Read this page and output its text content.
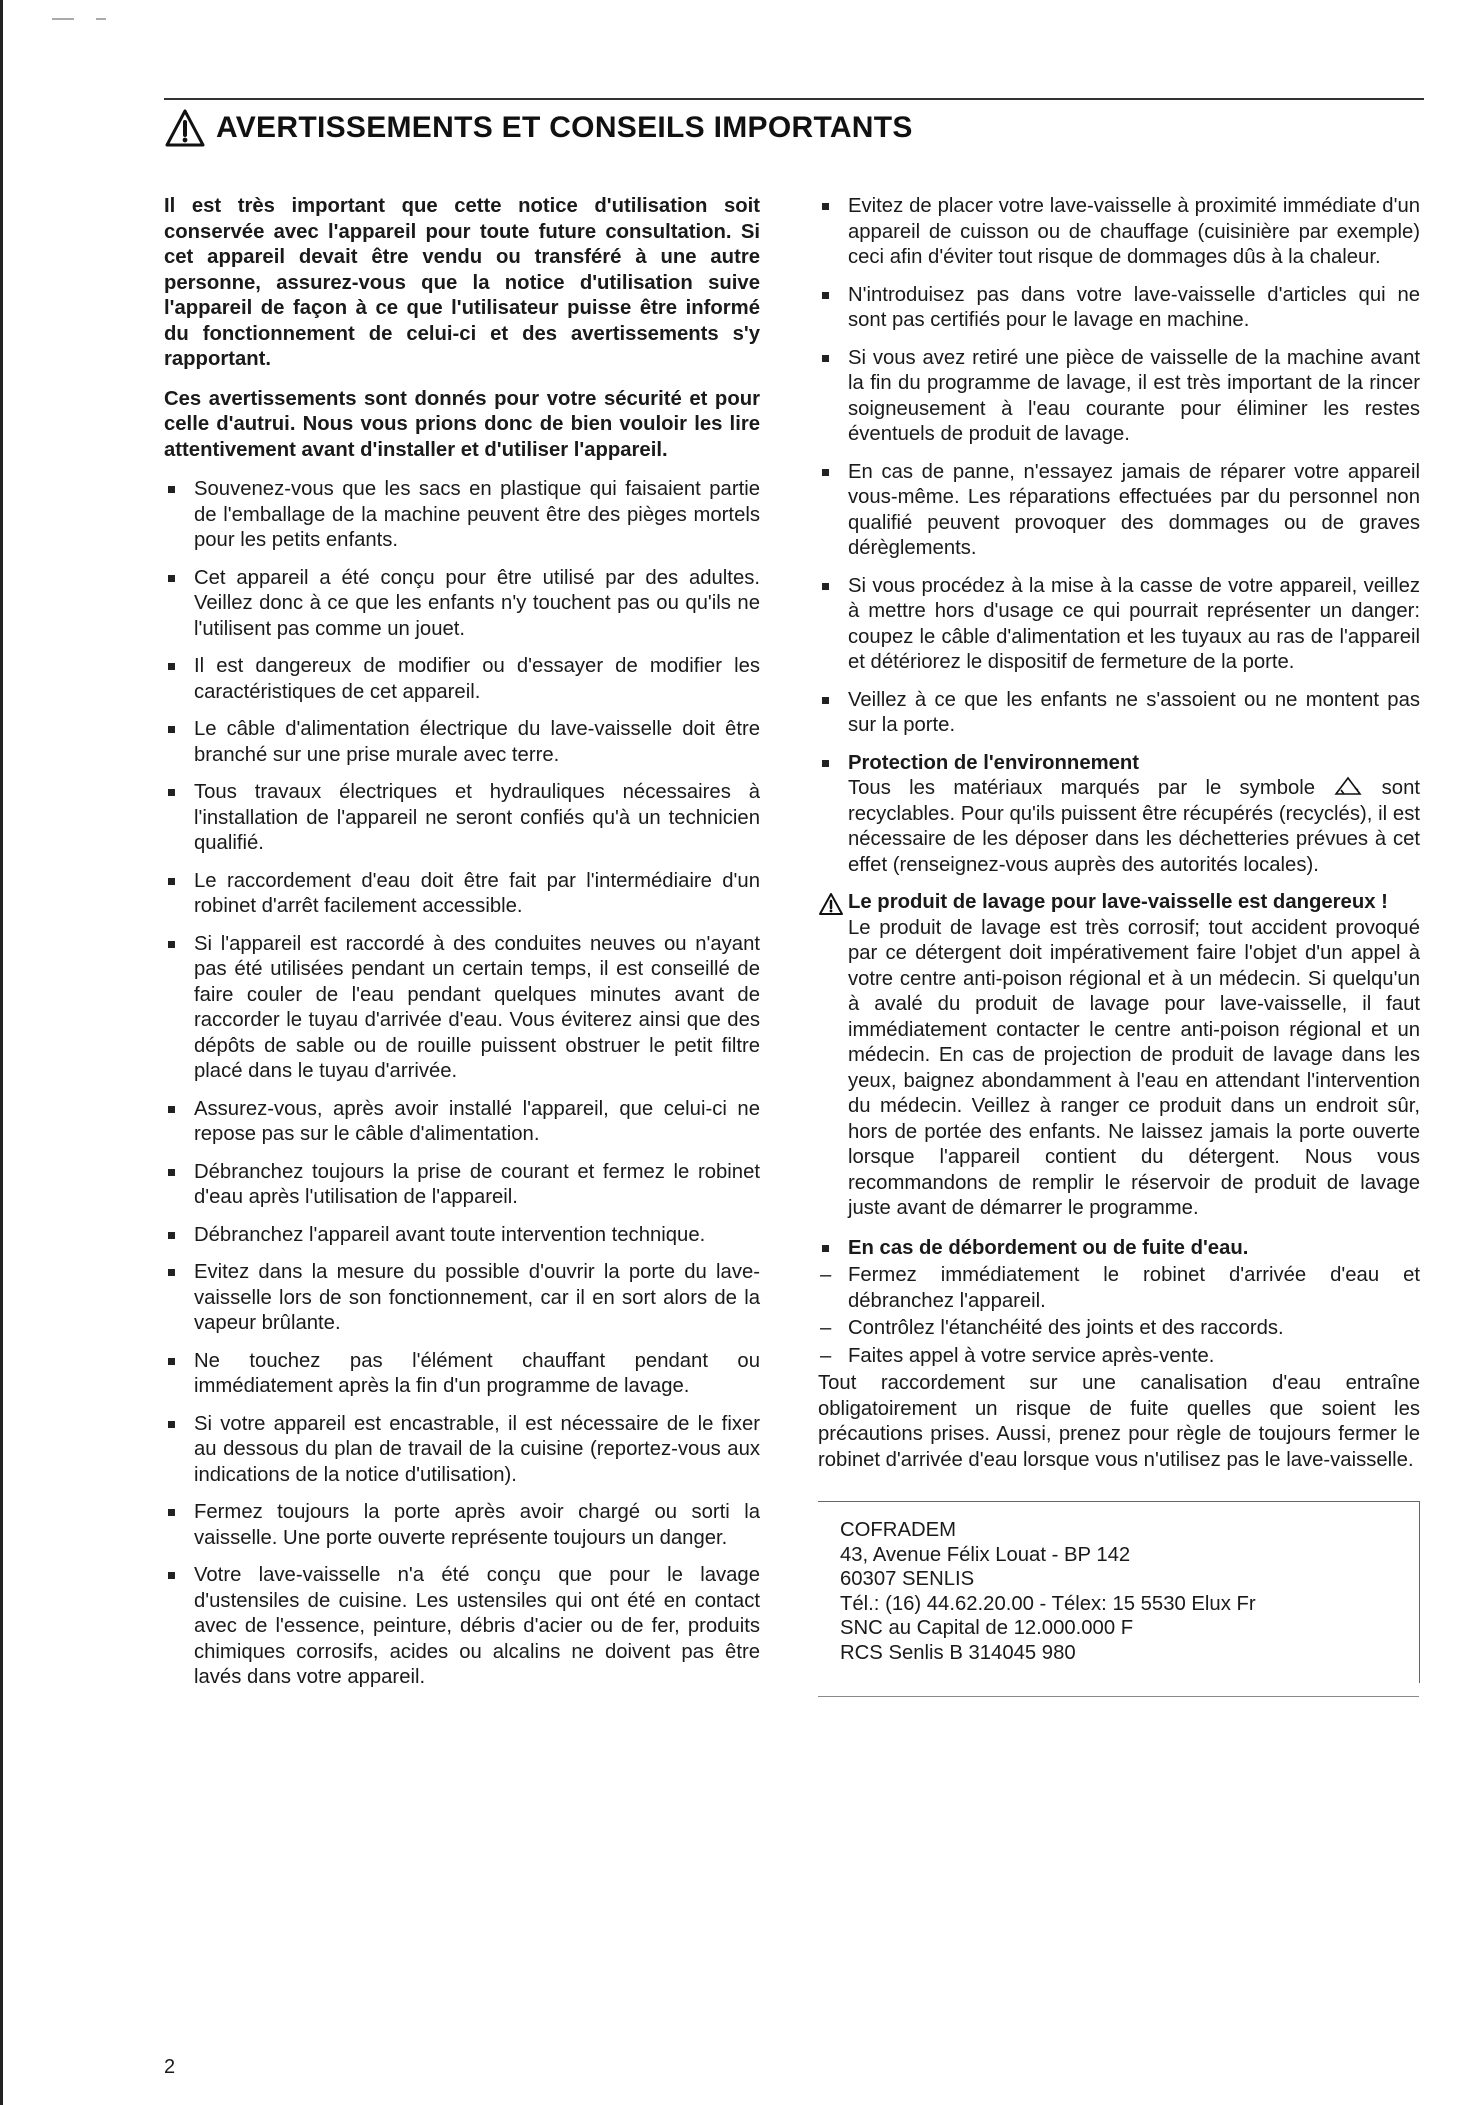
AVERTISSEMENTS ET CONSEILS IMPORTANTS

Il est très important que cette notice d'utilisation soit conservée avec l'appareil pour toute future consultation. Si cet appareil devait être vendu ou transféré à une autre personne, assurez-vous que la notice d'utilisation suive l'appareil de façon à ce que l'utilisateur puisse être informé du fonctionnement de celui-ci et des avertissements s'y rapportant.

Ces avertissements sont donnés pour votre sécurité et pour celle d'autrui. Nous vous prions donc de bien vouloir les lire attentivement avant d'installer et d'utiliser l'appareil.

Souvenez-vous que les sacs en plastique qui faisaient partie de l'emballage de la machine peuvent être des pièges mortels pour les petits enfants.
Cet appareil a été conçu pour être utilisé par des adultes. Veillez donc à ce que les enfants n'y touchent pas ou qu'ils ne l'utilisent pas comme un jouet.
Il est dangereux de modifier ou d'essayer de modifier les caractéristiques de cet appareil.
Le câble d'alimentation électrique du lave-vaisselle doit être branché sur une prise murale avec terre.
Tous travaux électriques et hydrauliques nécessaires à l'installation de l'appareil ne seront confiés qu'à un technicien qualifié.
Le raccordement d'eau doit être fait par l'intermédiaire d'un robinet d'arrêt facilement accessible.
Si l'appareil est raccordé à des conduites neuves ou n'ayant pas été utilisées pendant un certain temps, il est conseillé de faire couler de l'eau pendant quelques minutes avant de raccorder le tuyau d'arrivée d'eau. Vous éviterez ainsi que des dépôts de sable ou de rouille puissent obstruer le petit filtre placé dans le tuyau d'arrivée.
Assurez-vous, après avoir installé l'appareil, que celui-ci ne repose pas sur le câble d'alimentation.
Débranchez toujours la prise de courant et fermez le robinet d'eau après l'utilisation de l'appareil.
Débranchez l'appareil avant toute intervention technique.
Evitez dans la mesure du possible d'ouvrir la porte du lave-vaisselle lors de son fonctionnement, car il en sort alors de la vapeur brûlante.
Ne touchez pas l'élément chauffant pendant ou immédiatement après la fin d'un programme de lavage.
Si votre appareil est encastrable, il est nécessaire de le fixer au dessous du plan de travail de la cuisine (reportez-vous aux indications de la notice d'utilisation).
Fermez toujours la porte après avoir chargé ou sorti la vaisselle. Une porte ouverte représente toujours un danger.
Votre lave-vaisselle n'a été conçu que pour le lavage d'ustensiles de cuisine. Les ustensiles qui ont été en contact avec de l'essence, peinture, débris d'acier ou de fer, produits chimiques corrosifs, acides ou alcalins ne doivent pas être lavés dans votre appareil.
Evitez de placer votre lave-vaisselle à proximité immédiate d'un appareil de cuisson ou de chauffage (cuisinière par exemple) ceci afin d'éviter tout risque de dommages dûs à la chaleur.
N'introduisez pas dans votre lave-vaisselle d'articles qui ne sont pas certifiés pour le lavage en machine.
Si vous avez retiré une pièce de vaisselle de la machine avant la fin du programme de lavage, il est très important de la rincer soigneusement à l'eau courante pour éliminer les restes éventuels de produit de lavage.
En cas de panne, n'essayez jamais de réparer votre appareil vous-même. Les réparations effectuées par du personnel non qualifié peuvent provoquer des dommages ou de graves dérèglements.
Si vous procédez à la mise à la casse de votre appareil, veillez à mettre hors d'usage ce qui pourrait représenter un danger: coupez le câble d'alimentation et les tuyaux au ras de l'appareil et détériorez le dispositif de fermeture de la porte.
Veillez à ce que les enfants ne s'assoient ou ne montent pas sur la porte.
Protection de l'environnement
Tous les matériaux marqués par le symbole	sont recyclables. Pour qu'ils puissent être récupérés (recyclés), il est nécessaire de les déposer dans les déchetteries prévues à cet effet (renseignez-vous auprès des autorités locales).
Le produit de lavage pour lave-vaisselle est dangereux !

Le produit de lavage est très corrosif; tout accident provoqué par ce détergent doit impérativement faire l'objet d'un appel à votre centre anti-poison régional et à un médecin. Si quelqu'un à avalé du produit de lavage pour lave-vaisselle, il faut immédiatement contacter le centre anti-poison régional et un médecin. En cas de projection de produit de lavage dans les yeux, baignez abondamment à l'eau en attendant l'intervention du médecin. Veillez à ranger ce produit dans un endroit sûr, hors de portée des enfants. Ne laissez jamais la porte ouverte lorsque l'appareil contient du détergent. Nous vous recommandons de remplir le réservoir de produit de lavage juste avant de démarrer le programme.

En cas de débordement ou de fuite d'eau.
– Fermez immédiatement le robinet d'arrivée d'eau et débranchez l'appareil.
– Contrôlez l'étanchéité des joints et des raccords.
– Faites appel à votre service après-vente.

Tout raccordement sur une canalisation d'eau entraîne obligatoirement un risque de fuite quelles que soient les précautions prises. Aussi, prenez pour règle de toujours fermer le robinet d'arrivée d'eau lorsque vous n'utilisez pas le lave-vaisselle.

COFRADEM
43, Avenue Félix Louat - BP 142
60307 SENLIS
Tél.: (16) 44.62.20.00 - Télex: 15 5530 Elux Fr
SNC au Capital de 12.000.000 F
RCS Senlis B 314045 980
2
